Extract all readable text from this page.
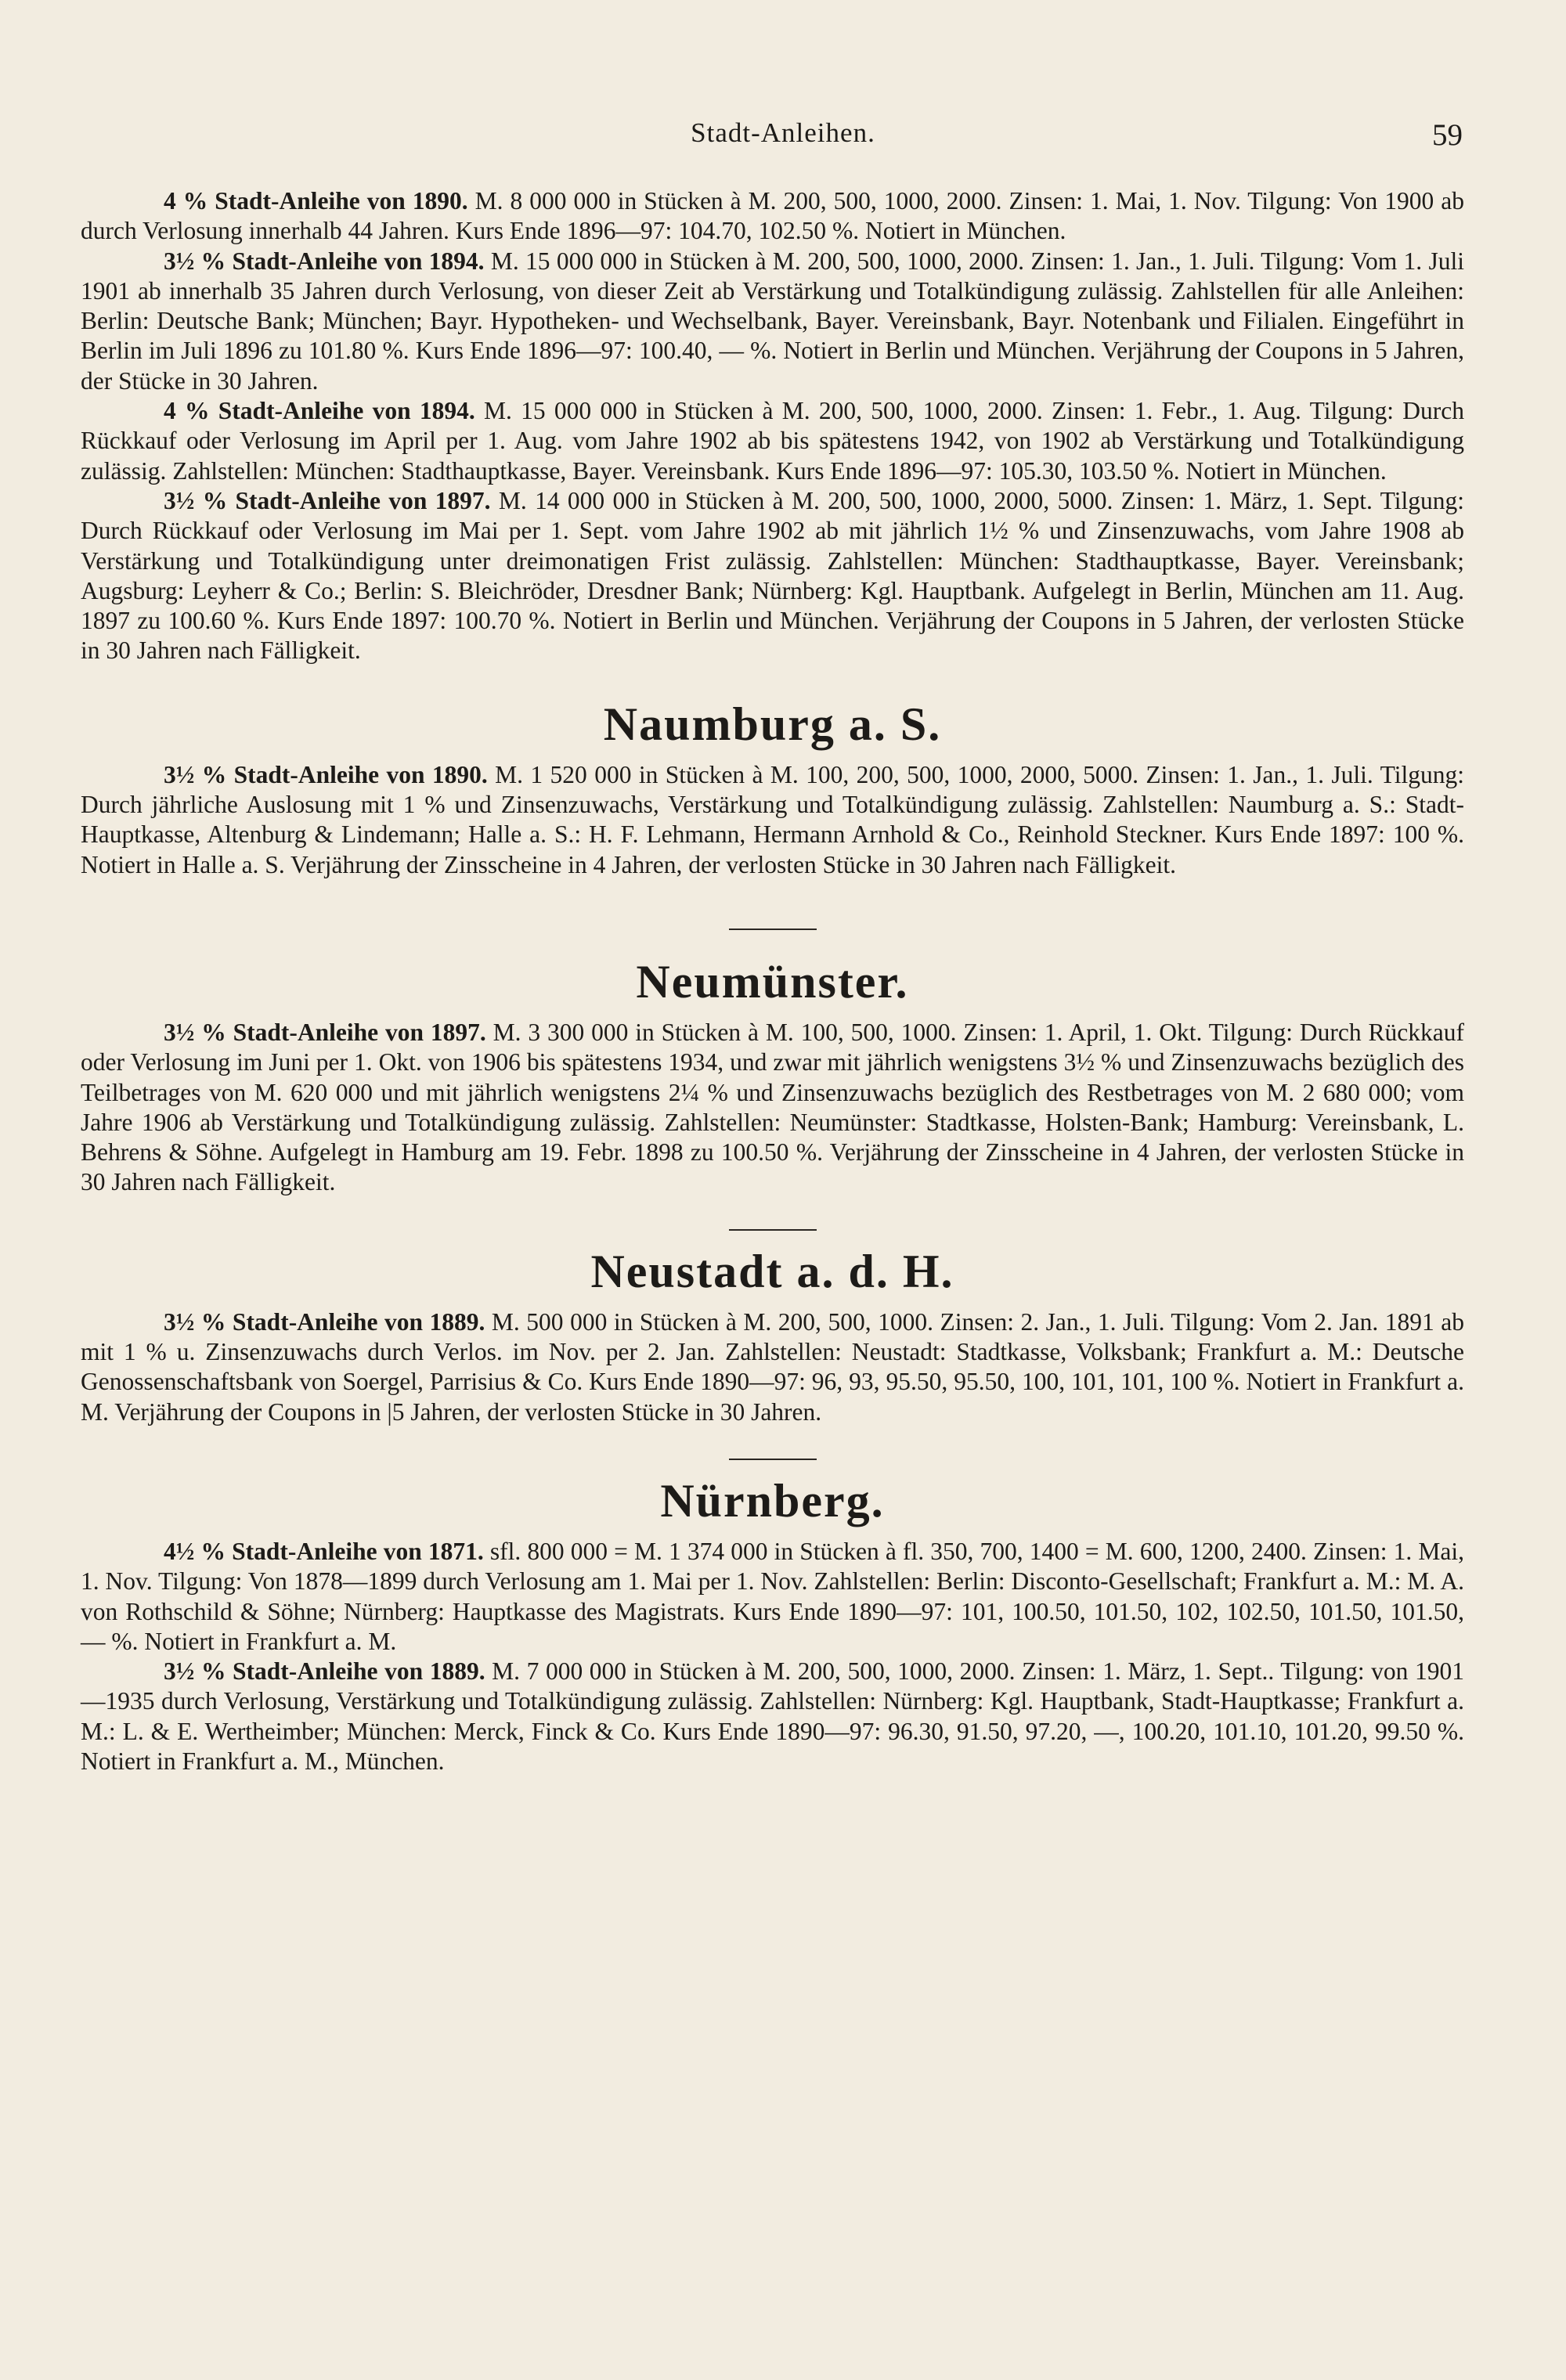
Stadt-Anleihen.	59

4 % Stadt-Anleihe von 1890. M. 8 000 000 in Stücken à M. 200, 500, 1000, 2000. Zinsen: 1. Mai, 1. Nov. Tilgung: Von 1900 ab durch Verlosung innerhalb 44 Jahren. Kurs Ende 1896—97: 104.70, 102.50 %. Notiert in München.

3½ % Stadt-Anleihe von 1894. M. 15 000 000 in Stücken à M. 200, 500, 1000, 2000. Zinsen: 1. Jan., 1. Juli. Tilgung: Vom 1. Juli 1901 ab innerhalb 35 Jahren durch Verlosung, von dieser Zeit ab Verstärkung und Totalkündigung zulässig. Zahlstellen für alle Anleihen: Berlin: Deutsche Bank; München; Bayr. Hypotheken- und Wechselbank, Bayer. Vereinsbank, Bayr. Notenbank und Filialen. Eingeführt in Berlin im Juli 1896 zu 101.80 %. Kurs Ende 1896—97: 100.40, — %. Notiert in Berlin und München. Verjährung der Coupons in 5 Jahren, der Stücke in 30 Jahren.

4 % Stadt-Anleihe von 1894. M. 15 000 000 in Stücken à M. 200, 500, 1000, 2000. Zinsen: 1. Febr., 1. Aug. Tilgung: Durch Rückkauf oder Verlosung im April per 1. Aug. vom Jahre 1902 ab bis spätestens 1942, von 1902 ab Verstärkung und Totalkündigung zulässig. Zahlstellen: München: Stadthauptkasse, Bayer. Vereinsbank. Kurs Ende 1896—97: 105.30, 103.50 %. Notiert in München.

3½ % Stadt-Anleihe von 1897. M. 14 000 000 in Stücken à M. 200, 500, 1000, 2000, 5000. Zinsen: 1. März, 1. Sept. Tilgung: Durch Rückkauf oder Verlosung im Mai per 1. Sept. vom Jahre 1902 ab mit jährlich 1½ % und Zinsenzuwachs, vom Jahre 1908 ab Verstärkung und Totalkündigung unter dreimonatigen Frist zulässig. Zahlstellen: München: Stadthauptkasse, Bayer. Vereinsbank; Augsburg: Leyherr & Co.; Berlin: S. Bleichröder, Dresdner Bank; Nürnberg: Kgl. Hauptbank. Aufgelegt in Berlin, München am 11. Aug. 1897 zu 100.60 %. Kurs Ende 1897: 100.70 %. Notiert in Berlin und München. Verjährung der Coupons in 5 Jahren, der verlosten Stücke in 30 Jahren nach Fälligkeit.

Naumburg a. S.

3½ % Stadt-Anleihe von 1890. M. 1 520 000 in Stücken à M. 100, 200, 500, 1000, 2000, 5000. Zinsen: 1. Jan., 1. Juli. Tilgung: Durch jährliche Auslosung mit 1 % und Zinsenzuwachs, Verstärkung und Totalkündigung zulässig. Zahlstellen: Naumburg a. S.: Stadt-Hauptkasse, Altenburg & Lindemann; Halle a. S.: H. F. Lehmann, Hermann Arnhold & Co., Reinhold Steckner. Kurs Ende 1897: 100 %. Notiert in Halle a. S. Verjährung der Zinsscheine in 4 Jahren, der verlosten Stücke in 30 Jahren nach Fälligkeit.

Neumünster.

3½ % Stadt-Anleihe von 1897. M. 3 300 000 in Stücken à M. 100, 500, 1000. Zinsen: 1. April, 1. Okt. Tilgung: Durch Rückkauf oder Verlosung im Juni per 1. Okt. von 1906 bis spätestens 1934, und zwar mit jährlich wenigstens 3½ % und Zinsenzuwachs bezüglich des Teilbetrages von M. 620 000 und mit jährlich wenigstens 2¼ % und Zinsenzuwachs bezüglich des Restbetrages von M. 2 680 000; vom Jahre 1906 ab Verstärkung und Totalkündigung zulässig. Zahlstellen: Neumünster: Stadtkasse, Holsten-Bank; Hamburg: Vereinsbank, L. Behrens & Söhne. Aufgelegt in Hamburg am 19. Febr. 1898 zu 100.50 %. Verjährung der Zinsscheine in 4 Jahren, der verlosten Stücke in 30 Jahren nach Fälligkeit.

Neustadt a. d. H.

3½ % Stadt-Anleihe von 1889. M. 500 000 in Stücken à M. 200, 500, 1000. Zinsen: 2. Jan., 1. Juli. Tilgung: Vom 2. Jan. 1891 ab mit 1 % u. Zinsenzuwachs durch Verlos. im Nov. per 2. Jan. Zahlstellen: Neustadt: Stadtkasse, Volksbank; Frankfurt a. M.: Deutsche Genossenschaftsbank von Soergel, Parrisius & Co. Kurs Ende 1890—97: 96, 93, 95.50, 95.50, 100, 101, 101, 100 %. Notiert in Frankfurt a. M. Verjährung der Coupons in |5 Jahren, der verlosten Stücke in 30 Jahren.

Nürnberg.

4½ % Stadt-Anleihe von 1871. sfl. 800 000 = M. 1 374 000 in Stücken à fl. 350, 700, 1400 = M. 600, 1200, 2400. Zinsen: 1. Mai, 1. Nov. Tilgung: Von 1878—1899 durch Verlosung am 1. Mai per 1. Nov. Zahlstellen: Berlin: Disconto-Gesellschaft; Frankfurt a. M.: M. A. von Rothschild & Söhne; Nürnberg: Hauptkasse des Magistrats. Kurs Ende 1890—97: 101, 100.50, 101.50, 102, 102.50, 101.50, 101.50, — %. Notiert in Frankfurt a. M.

3½ % Stadt-Anleihe von 1889. M. 7 000 000 in Stücken à M. 200, 500, 1000, 2000. Zinsen: 1. März, 1. Sept.. Tilgung: von 1901—1935 durch Verlosung, Verstärkung und Totalkündigung zulässig. Zahlstellen: Nürnberg: Kgl. Hauptbank, Stadt-Hauptkasse; Frankfurt a. M.: L. & E. Wertheimber; München: Merck, Finck & Co. Kurs Ende 1890—97: 96.30, 91.50, 97.20, —, 100.20, 101.10, 101.20, 99.50 %. Notiert in Frankfurt a. M., München.
